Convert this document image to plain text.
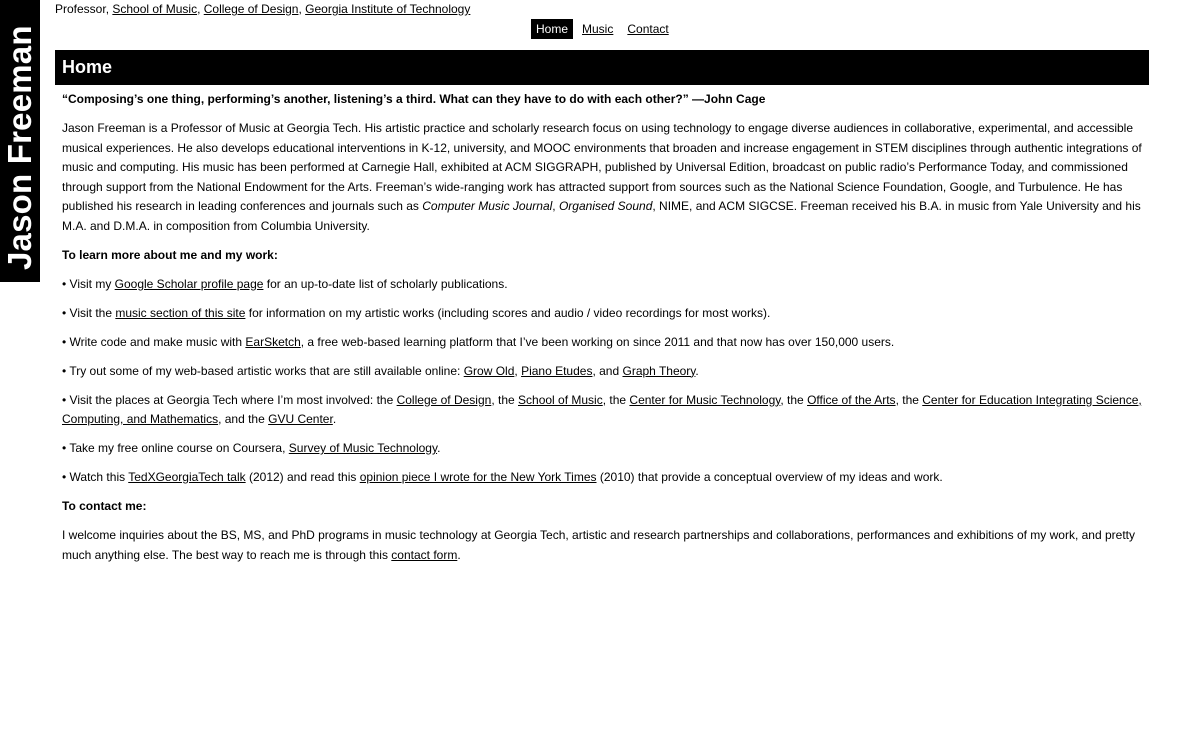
Jason Freeman
Professor, School of Music, College of Design, Georgia Institute of Technology
Home	Music	Contact
Home

“Composing’s one thing, performing’s another, listening’s a third. What can they have to do with each other?” —John Cage

Jason Freeman is a Professor of Music at Georgia Tech. His artistic practice and scholarly research focus on using technology to engage diverse audiences in collaborative, experimental, and accessible musical experiences. He also develops educational interventions in K-12, university, and MOOC environments that broaden and increase engagement in STEM disciplines through authentic integrations of music and computing. His music has been performed at Carnegie Hall, exhibited at ACM SIGGRAPH, published by Universal Edition, broadcast on public radio’s Performance Today, and commissioned through support from the National Endowment for the Arts. Freeman’s wide-ranging work has attracted support from sources such as the National Science Foundation, Google, and Turbulence. He has published his research in leading conferences and journals such as Computer Music Journal, Organised Sound, NIME, and ACM SIGCSE. Freeman received his B.A. in music from Yale University and his M.A. and D.M.A. in composition from Columbia University.

To learn more about me and my work:

• Visit my Google Scholar profile page for an up-to-date list of scholarly publications.

• Visit the music section of this site for information on my artistic works (including scores and audio / video recordings for most works).

• Write code and make music with EarSketch, a free web-based learning platform that I’ve been working on since 2011 and that now has over 150,000 users.

• Try out some of my web-based artistic works that are still available online: Grow Old, Piano Etudes, and Graph Theory.

• Visit the places at Georgia Tech where I’m most involved: the College of Design, the School of Music, the Center for Music Technology, the Office of the Arts, the Center for Education Integrating Science, Computing, and Mathematics, and the GVU Center.

• Take my free online course on Coursera, Survey of Music Technology.

• Watch this TedXGeorgiaTech talk (2012) and read this opinion piece I wrote for the New York Times (2010) that provide a conceptual overview of my ideas and work.

To contact me:

I welcome inquiries about the BS, MS, and PhD programs in music technology at Georgia Tech, artistic and research partnerships and collaborations, performances and exhibitions of my work, and pretty much anything else. The best way to reach me is through this contact form.
